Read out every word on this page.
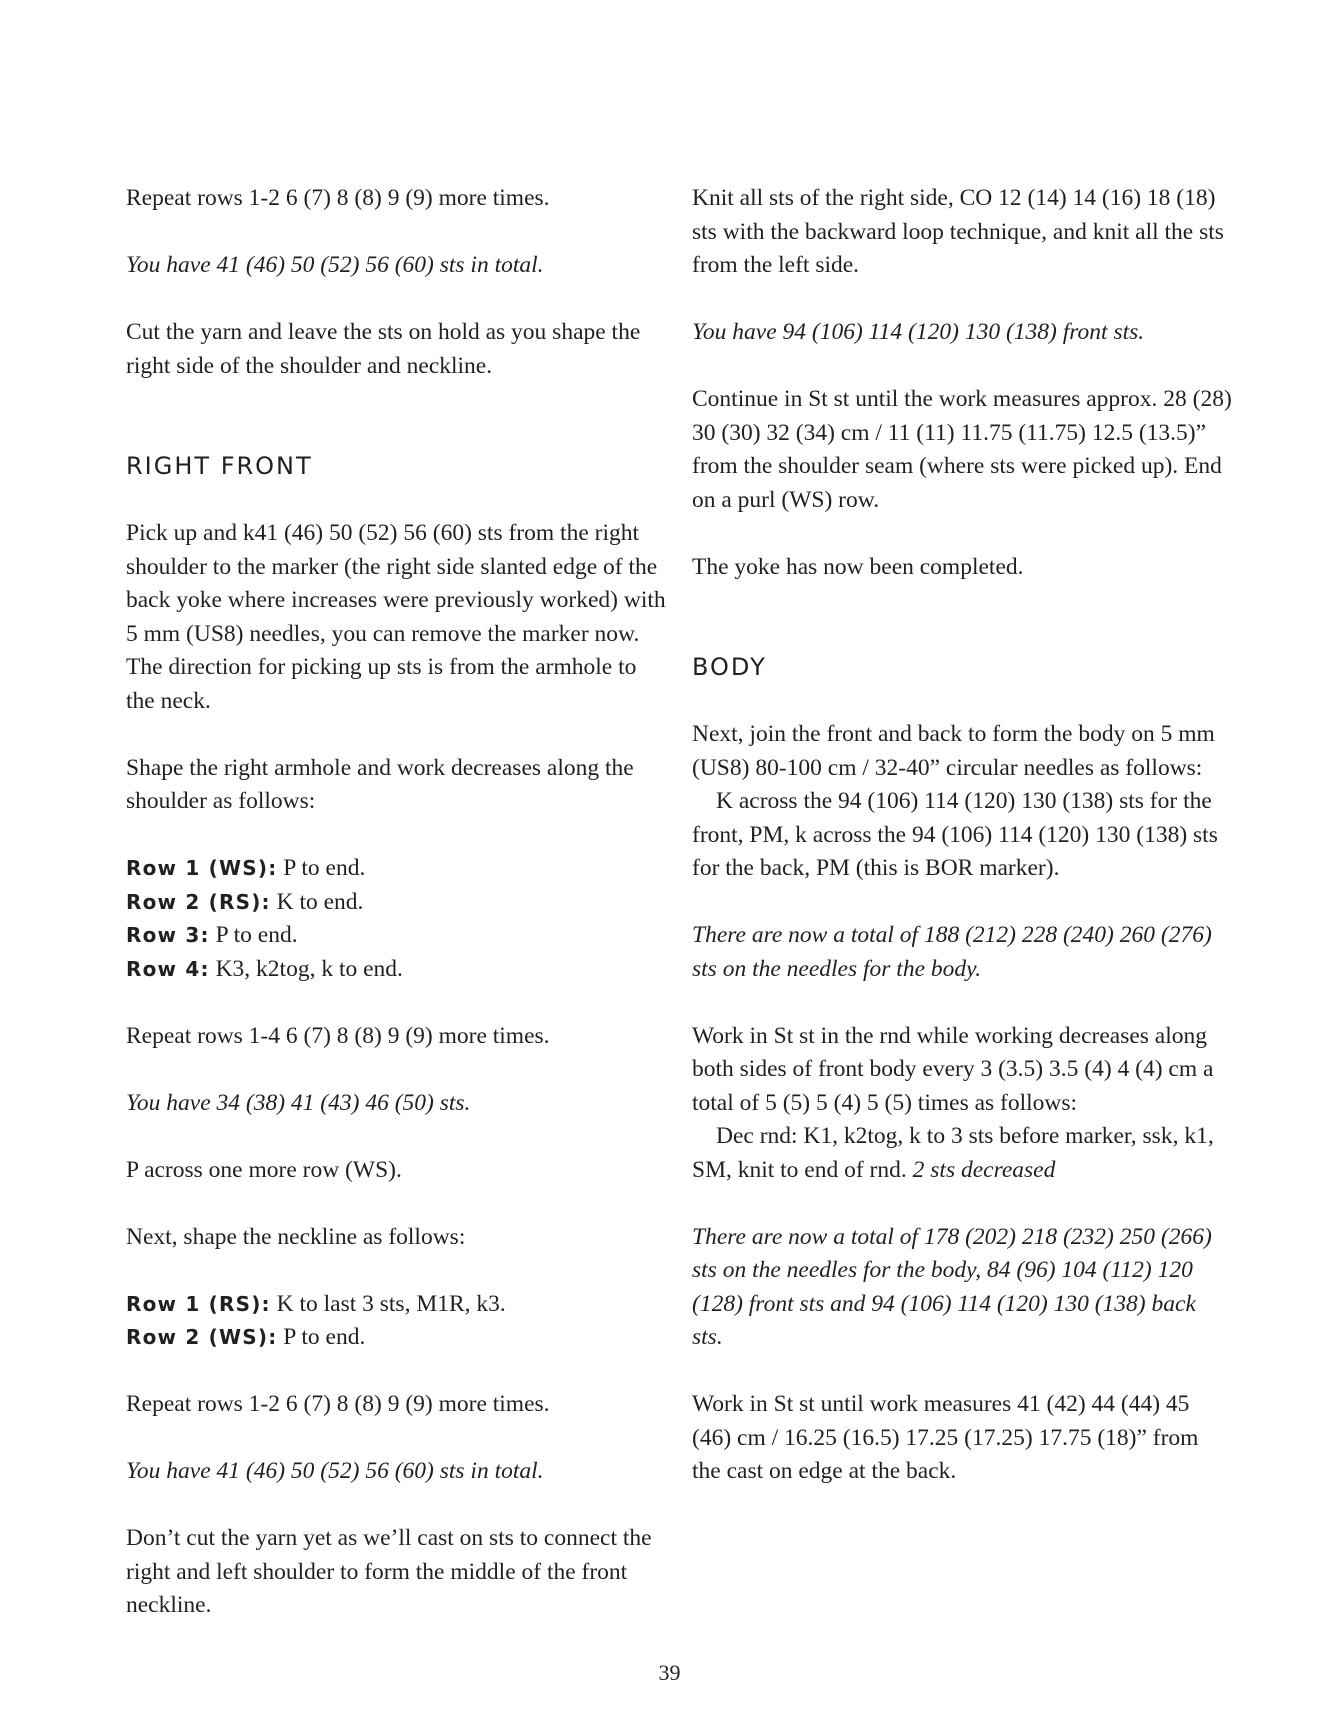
Repeat rows 1-2 6 (7) 8 (8) 9 (9) more times.

You have 41 (46) 50 (52) 56 (60) sts in total.

Cut the yarn and leave the sts on hold as you shape the right side of the shoulder and neckline.

RIGHT FRONT

Pick up and k41 (46) 50 (52) 56 (60) sts from the right shoulder to the marker (the right side slanted edge of the back yoke where increases were previously worked) with 5 mm (US8) needles, you can remove the marker now. The direction for picking up sts is from the armhole to the neck.

Shape the right armhole and work decreases along the shoulder as follows:

Row 1 (WS): P to end.
Row 2 (RS): K to end.
Row 3: P to end.
Row 4: K3, k2tog, k to end.

Repeat rows 1-4 6 (7) 8 (8) 9 (9) more times.

You have 34 (38) 41 (43) 46 (50) sts.

P across one more row (WS).

Next, shape the neckline as follows:

Row 1 (RS): K to last 3 sts, M1R, k3.
Row 2 (WS): P to end.

Repeat rows 1-2 6 (7) 8 (8) 9 (9) more times.

You have 41 (46) 50 (52) 56 (60) sts in total.

Don’t cut the yarn yet as we’ll cast on sts to connect the right and left shoulder to form the middle of the front neckline.

Knit all sts of the right side, CO 12 (14) 14 (16) 18 (18) sts with the backward loop technique, and knit all the sts from the left side.

You have 94 (106) 114 (120) 130 (138) front sts.

Continue in St st until the work measures approx. 28 (28) 30 (30) 32 (34) cm / 11 (11) 11.75 (11.75) 12.5 (13.5)” from the shoulder seam (where sts were picked up). End on a purl (WS) row.

The yoke has now been completed.

BODY

Next, join the front and back to form the body on 5 mm (US8) 80-100 cm / 32-40” circular needles as follows:

K across the 94 (106) 114 (120) 130 (138) sts for the front, PM, k across the 94 (106) 114 (120) 130 (138) sts for the back, PM (this is BOR marker).

There are now a total of 188 (212) 228 (240) 260 (276) sts on the needles for the body.

Work in St st in the rnd while working decreases along both sides of front body every 3 (3.5) 3.5 (4) 4 (4) cm a total of 5 (5) 5 (4) 5 (5) times as follows:

Dec rnd: K1, k2tog, k to 3 sts before marker, ssk, k1, SM, knit to end of rnd. 2 sts decreased

There are now a total of 178 (202) 218 (232) 250 (266) sts on the needles for the body, 84 (96) 104 (112) 120 (128) front sts and 94 (106) 114 (120) 130 (138) back sts.

Work in St st until work measures 41 (42) 44 (44) 45 (46) cm / 16.25 (16.5) 17.25 (17.25) 17.75 (18)” from the cast on edge at the back.

39
